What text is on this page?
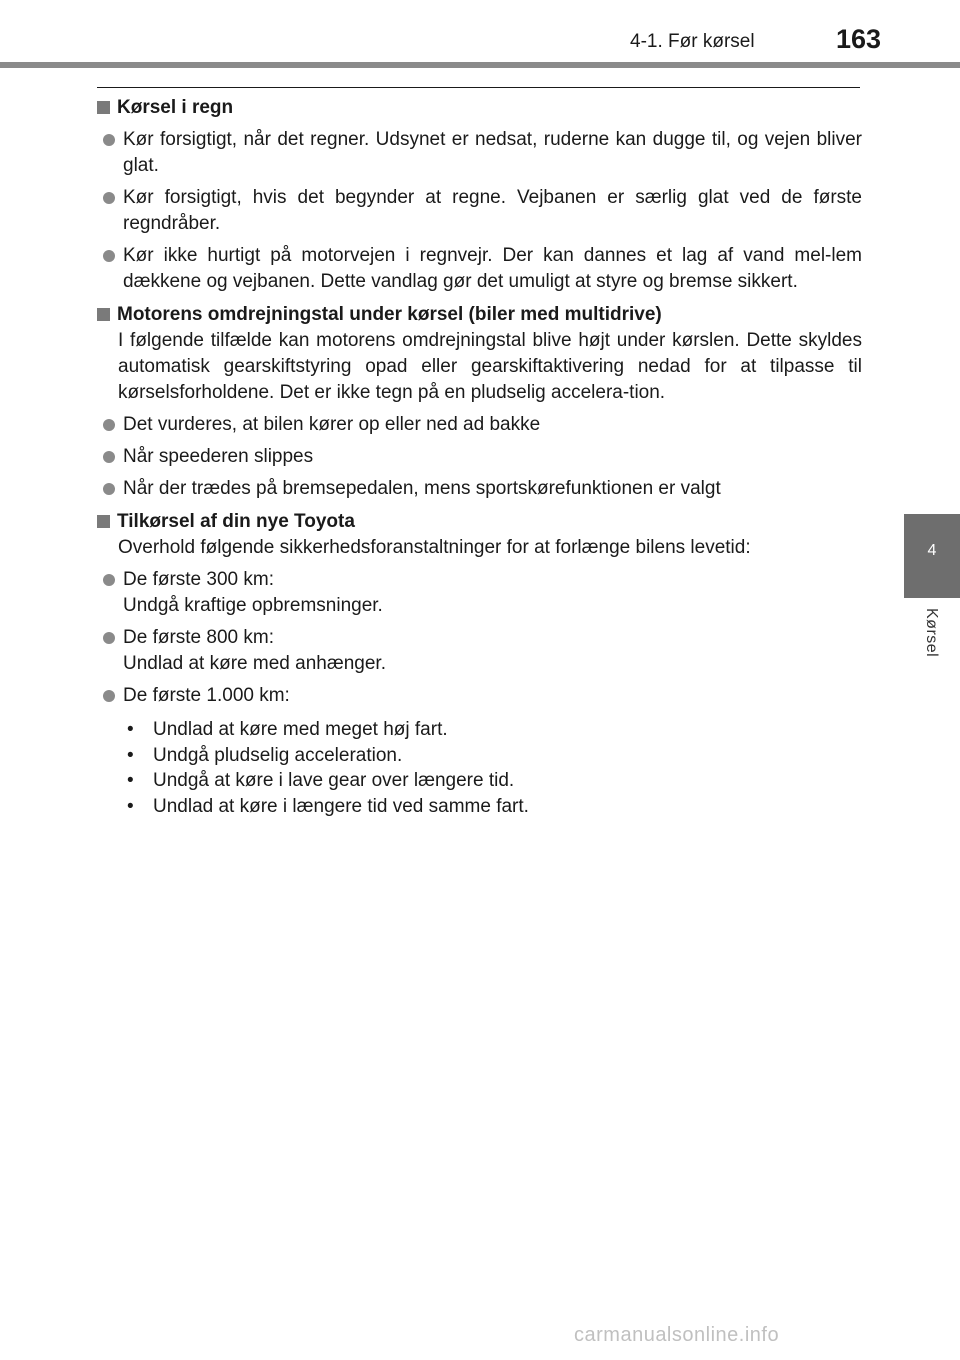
4-1. Før kørsel	163
4
Kørsel
Kørsel i regn
Kør forsigtigt, når det regner. Udsynet er nedsat, ruderne kan dugge til, og vejen bliver glat.
Kør forsigtigt, hvis det begynder at regne. Vejbanen er særlig glat ved de første regndråber.
Kør ikke hurtigt på motorvejen i regnvejr. Der kan dannes et lag af vand mel-lem dækkene og vejbanen. Dette vandlag gør det umuligt at styre og bremse sikkert.
Motorens omdrejningstal under kørsel (biler med multidrive)
I følgende tilfælde kan motorens omdrejningstal blive højt under kørslen. Dette skyldes automatisk gearskiftstyring opad eller gearskiftaktivering nedad for at tilpasse til kørselsforholdene. Det er ikke tegn på en pludselig accelera-tion.
Det vurderes, at bilen kører op eller ned ad bakke
Når speederen slippes
Når der trædes på bremsepedalen, mens sportskørefunktionen er valgt
Tilkørsel af din nye Toyota
Overhold følgende sikkerhedsforanstaltninger for at forlænge bilens levetid:
De første 300 km:
Undgå kraftige opbremsninger.
De første 800 km:
Undlad at køre med anhænger.
De første 1.000 km:
•	Undlad at køre med meget høj fart.
•	Undgå pludselig acceleration.
•	Undgå at køre i lave gear over længere tid.
•	Undlad at køre i længere tid ved samme fart.
carmanualsonline.info
